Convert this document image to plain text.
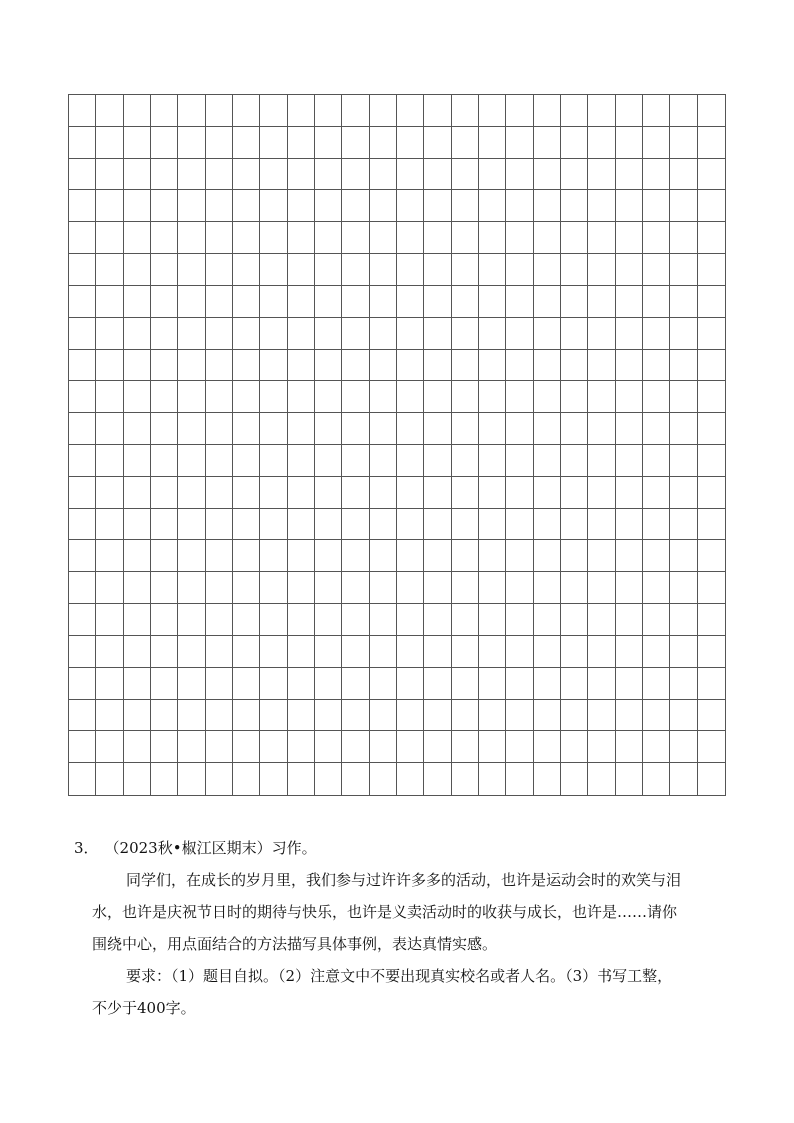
3． （2023秋•椒江区期末）习作。
同学们，在成长的岁月里，我们参与过许许多多的活动，也许是运动会时的欢笑与泪
水，也许是庆祝节日时的期待与快乐，也许是义卖活动时的收获与成长，也许是……请你
围绕中心，用点面结合的方法描写具体事例，表达真情实感。
要求：（1）题目自拟。（2）注意文中不要出现真实校名或者人名。（3）书写工整，
不少于400字。
